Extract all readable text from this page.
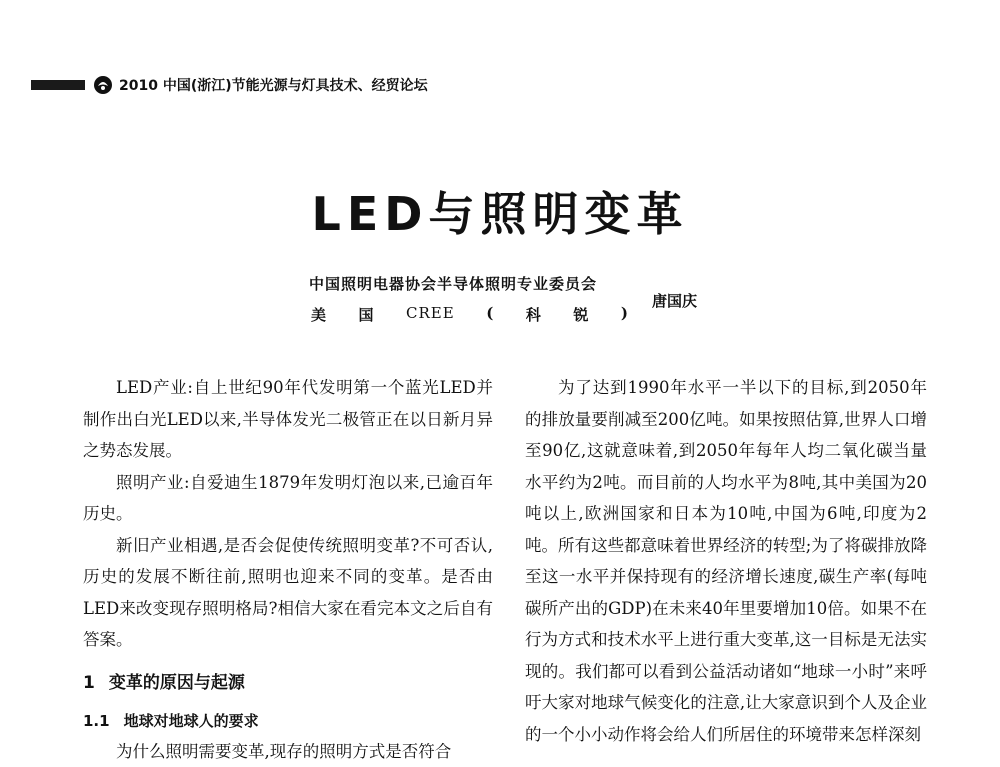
2010 中国(浙江)节能光源与灯具技术、经贸论坛
LED与照明变革
中国照明电器协会半导体照明专业委员会
美 国 CREE ( 科 锐 )
唐国庆

LED产业:自上世纪90年代发明第一个蓝光LED并制作出白光LED以来,半导体发光二极管正在以日新月异之势态发展。

照明产业:自爱迪生1879年发明灯泡以来,已逾百年历史。

新旧产业相遇,是否会促使传统照明变革?不可否认,历史的发展不断往前,照明也迎来不同的变革。是否由LED来改变现存照明格局?相信大家在看完本文之后自有答案。

1 变革的原因与起源
1.1 地球对地球人的要求

为什么照明需要变革,现存的照明方式是否符合

为了达到1990年水平一半以下的目标,到2050年的排放量要削减至200亿吨。如果按照估算,世界人口增至90亿,这就意味着,到2050年每年人均二氧化碳当量水平约为2吨。而目前的人均水平为8吨,其中美国为20吨以上,欧洲国家和日本为10吨,中国为6吨,印度为2吨。所有这些都意味着世界经济的转型;为了将碳排放降至这一水平并保持现有的经济增长速度,碳生产率(每吨碳所产出的GDP)在未来40年里要增加10倍。如果不在行为方式和技术水平上进行重大变革,这一目标是无法实现的。我们都可以看到公益活动诸如“地球一小时”来呼吁大家对地球气候变化的注意,让大家意识到个人及企业的一个小小动作将会给人们所居住的环境带来怎样深刻
